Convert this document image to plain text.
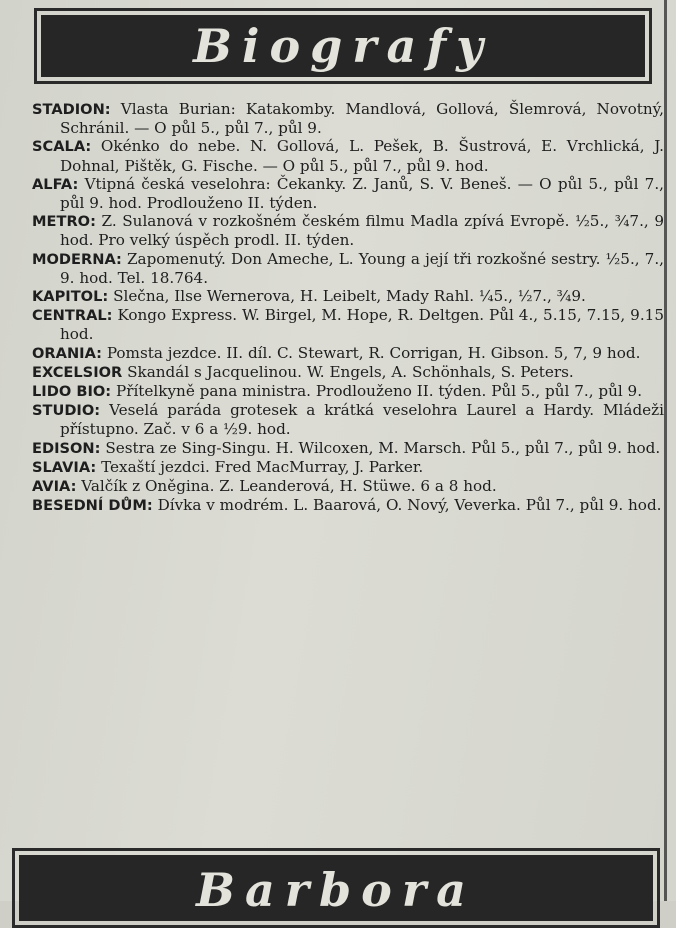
Biografy

STADION: Vlasta Burian: Katakomby. Mandlová, Gollová, Šlemrová, Novotný, Schránil. — O půl 5., půl 7., půl 9.

SCALA: Okénko do nebe. N. Gollová, L. Pešek, B. Šustrová, E. Vrchlická, J. Dohnal, Pištěk, G. Fische. — O půl 5., půl 7., půl 9. hod.

ALFA: Vtipná česká veselohra: Čekanky. Z. Janů, S. V. Beneš. — O půl 5., půl 7., půl 9. hod. Prodlouženo II. týden.

METRO: Z. Sulanová v rozkošném českém filmu Madla zpívá Evropě. ½5., ¾7., 9 hod. Pro velký úspěch prodl. II. týden.

MODERNA: Zapomenutý. Don Ameche, L. Young a její tři rozkošné sestry. ½5., 7., 9. hod. Tel. 18.764.

KAPITOL: Slečna, Ilse Wernerova, H. Leibelt, Mady Rahl. ¼5., ½7., ¾9.

CENTRAL: Kongo Express. W. Birgel, M. Hope, R. Deltgen. Půl 4., 5.15, 7.15, 9.15 hod.

ORANIA: Pomsta jezdce. II. díl. C. Stewart, R. Corrigan, H. Gibson. 5, 7, 9 hod.

EXCELSIOR Skandál s Jacquelinou. W. Engels, A. Schönhals, S. Peters.

LIDO BIO: Přítelkyně pana ministra. Prodlouženo II. týden. Půl 5., půl 7., půl 9.

STUDIO: Veselá paráda grotesek a krátká veselohra Laurel a Hardy. Mládeži přístupno. Zač. v 6 a ½9. hod.

EDISON: Sestra ze Sing-Singu. H. Wilcoxen, M. Marsch. Půl 5., půl 7., půl 9. hod.

SLAVIA: Texaští jezdci. Fred MacMurray, J. Parker.

AVIA: Valčík z Oněgina. Z. Leanderová, H. Stüwe. 6 a 8 hod.

BESEDNÍ DŮM: Dívka v modrém. L. Baarová, O. Nový, Veverka. Půl 7., půl 9. hod.

Barbora
